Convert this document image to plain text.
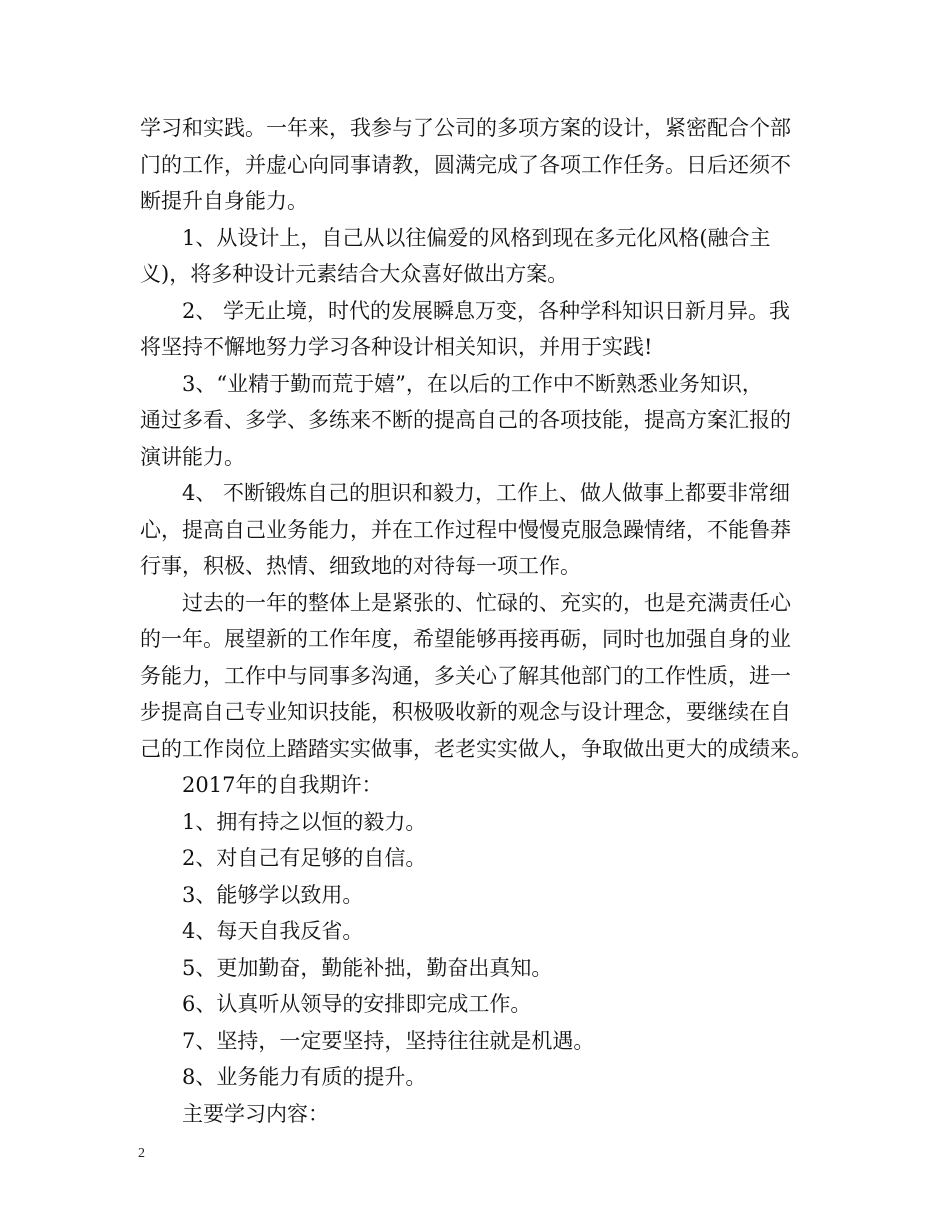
学习和实践。一年来，我参与了公司的多项方案的设计，紧密配合个部
门的工作，并虚心向同事请教，圆满完成了各项工作任务。日后还须不
断提升自身能力。
1、从设计上，自己从以往偏爱的风格到现在多元化风格(融合主
义)，将多种设计元素结合大众喜好做出方案。
2、 学无止境，时代的发展瞬息万变，各种学科知识日新月异。我
将坚持不懈地努力学习各种设计相关知识，并用于实践!
3、“业精于勤而荒于嬉”，在以后的工作中不断熟悉业务知识，
通过多看、多学、多练来不断的提高自己的各项技能，提高方案汇报的
演讲能力。
4、 不断锻炼自己的胆识和毅力，工作上、做人做事上都要非常细
心，提高自己业务能力，并在工作过程中慢慢克服急躁情绪，不能鲁莽
行事，积极、热情、细致地的对待每一项工作。
过去的一年的整体上是紧张的、忙碌的、充实的，也是充满责任心
的一年。展望新的工作年度，希望能够再接再砺，同时也加强自身的业
务能力，工作中与同事多沟通，多关心了解其他部门的工作性质，进一
步提高自己专业知识技能，积极吸收新的观念与设计理念，要继续在自
己的工作岗位上踏踏实实做事，老老实实做人，争取做出更大的成绩来。
2017年的自我期许：
1、拥有持之以恒的毅力。
2、对自己有足够的自信。
3、能够学以致用。
4、每天自我反省。
5、更加勤奋，勤能补拙，勤奋出真知。
6、认真听从领导的安排即完成工作。
7、坚持，一定要坚持，坚持往往就是机遇。
8、业务能力有质的提升。
主要学习内容：
2
